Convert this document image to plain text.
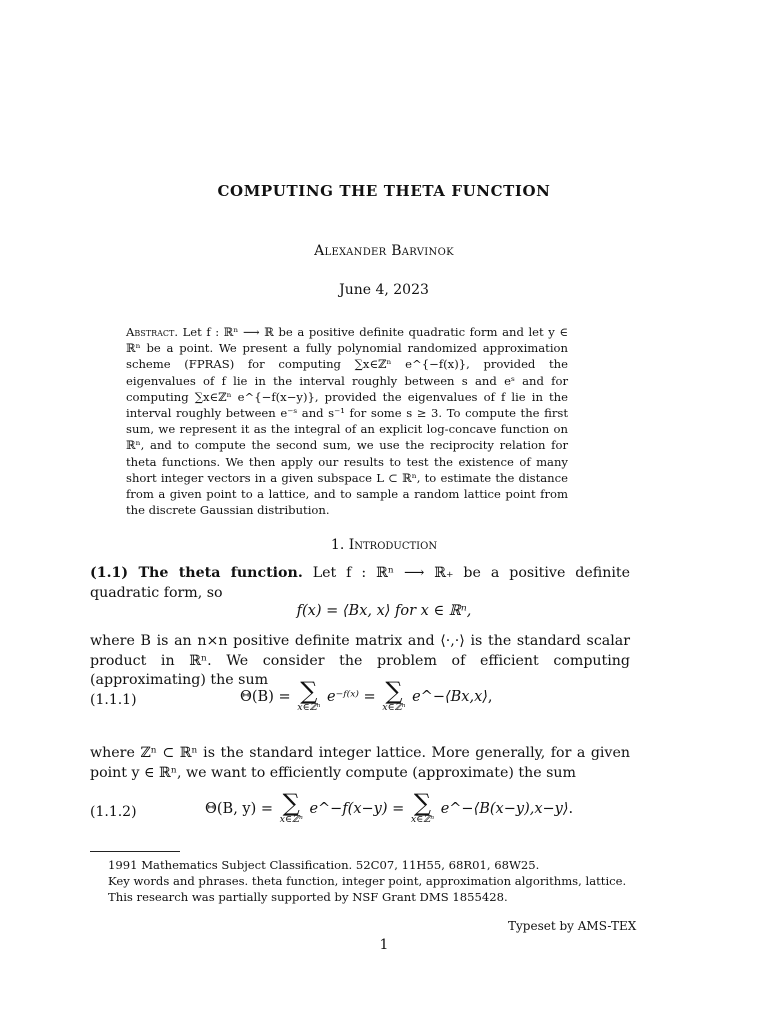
COMPUTING THE THETA FUNCTION
Alexander Barvinok
June 4, 2023
Abstract. Let f : ℝⁿ ⟶ ℝ be a positive definite quadratic form and let y ∈ ℝⁿ be a point. We present a fully polynomial randomized approximation scheme (FPRAS) for computing ∑x∈ℤⁿ e^{−f(x)}, provided the eigenvalues of f lie in the interval roughly between s and eˢ and for computing ∑x∈ℤⁿ e^{−f(x−y)}, provided the eigenvalues of f lie in the interval roughly between e⁻ˢ and s⁻¹ for some s ≥ 3. To compute the first sum, we represent it as the integral of an explicit log-concave function on ℝⁿ, and to compute the second sum, we use the reciprocity relation for theta functions. We then apply our results to test the existence of many short integer vectors in a given subspace L ⊂ ℝⁿ, to estimate the distance from a given point to a lattice, and to sample a random lattice point from the discrete Gaussian distribution.
1. Introduction
(1.1) The theta function. Let f : ℝⁿ ⟶ ℝ₊ be a positive definite quadratic form, so
f(x) = ⟨Bx, x⟩ for x ∈ ℝⁿ,
where B is an n×n positive definite matrix and ⟨·,·⟩ is the standard scalar product in ℝⁿ. We consider the problem of efficient computing (approximating) the sum
(1.1.1)	Θ(B) = ∑
x∈ℤⁿ
e⁻ᶠ⁽ˣ⁾ = ∑
x∈ℤⁿ
e^−⟨Bx,x⟩,
where ℤⁿ ⊂ ℝⁿ is the standard integer lattice. More generally, for a given point y ∈ ℝⁿ, we want to efficiently compute (approximate) the sum
(1.1.2)	Θ(B, y) = ∑
x∈ℤⁿ
e^−f(x−y) = ∑
x∈ℤⁿ
e^−⟨B(x−y),x−y⟩.
1991 Mathematics Subject Classification. 52C07, 11H55, 68R01, 68W25.
Key words and phrases. theta function, integer point, approximation algorithms, lattice.
This research was partially supported by NSF Grant DMS 1855428.
Typeset by AMS-TEX
1
